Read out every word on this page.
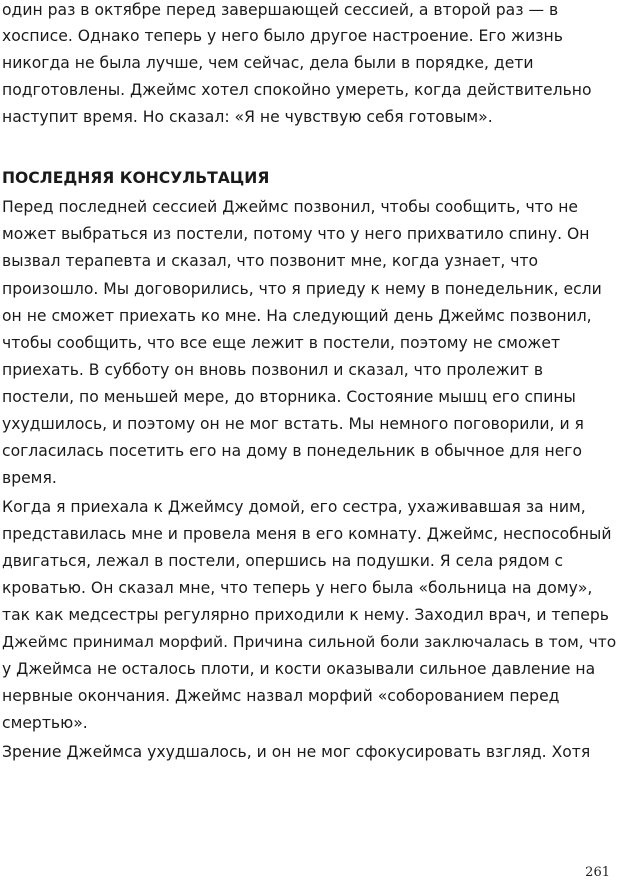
один раз в октябре перед завершающей сессией, а второй раз — в
хосписе. Однако теперь у него было другое настроение. Его жизнь
никогда не была лучше, чем сейчас, дела были в порядке, дети
подготовлены. Джеймс хотел спокойно умереть, когда действительно
наступит время. Но сказал: «Я не чувствую себя готовым».
ПОСЛЕДНЯЯ КОНСУЛЬТАЦИЯ
Перед последней сессией Джеймс позвонил, чтобы сообщить, что не
может выбраться из постели, потому что у него прихватило спину. Он
вызвал терапевта и сказал, что позвонит мне, когда узнает, что
произошло. Мы договорились, что я приеду к нему в понедельник, если
он не сможет приехать ко мне. На следующий день Джеймс позвонил,
чтобы сообщить, что все еще лежит в постели, поэтому не сможет
приехать. В субботу он вновь позвонил и сказал, что пролежит в
постели, по меньшей мере, до вторника. Состояние мышц его спины
ухудшилось, и поэтому он не мог встать. Мы немного поговорили, и я
согласилась посетить его на дому в понедельник в обычное для него
время.
Когда я приехала к Джеймсу домой, его сестра, ухаживавшая за ним,
представилась мне и провела меня в его комнату. Джеймс, неспособный
двигаться, лежал в постели, опершись на подушки. Я села рядом с
кроватью. Он сказал мне, что теперь у него была «больница на дому»,
так как медсестры регулярно приходили к нему. Заходил врач, и теперь
Джеймс принимал морфий. Причина сильной боли заключалась в том, что
у Джеймса не осталось плоти, и кости оказывали сильное давление на
нервные окончания. Джеймс назвал морфий «соборованием перед
смертью».
Зрение Джеймса ухудшалось, и он не мог сфокусировать взгляд. Хотя
261
